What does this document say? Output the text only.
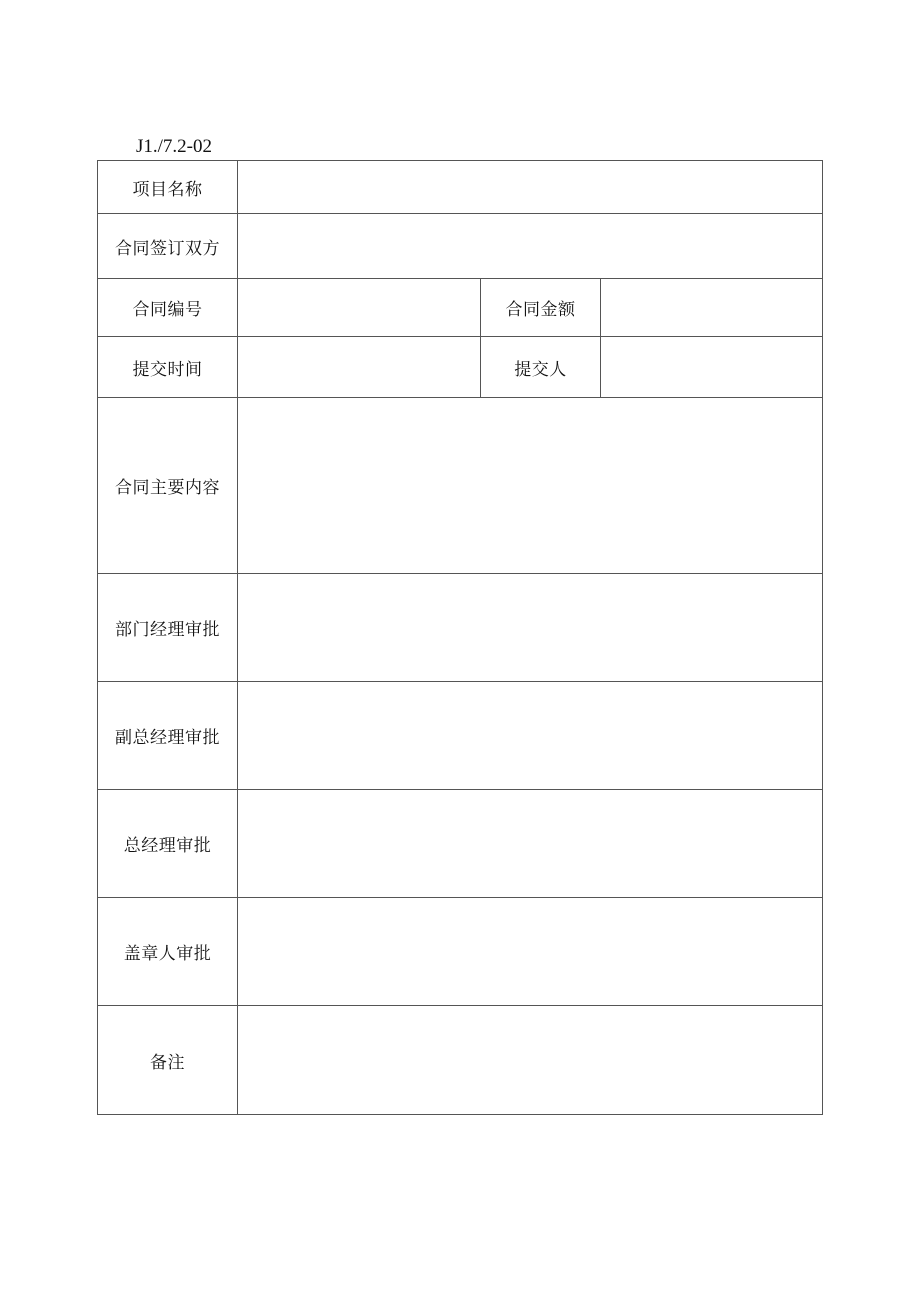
J1./7.2-02
项目名称			
合同签订双方			
合同编号		合同金额	
提交时间		提交人	
合同主要内容			
部门经理审批			
副总经理审批			
总经理审批			
盖章人审批			
备注			
